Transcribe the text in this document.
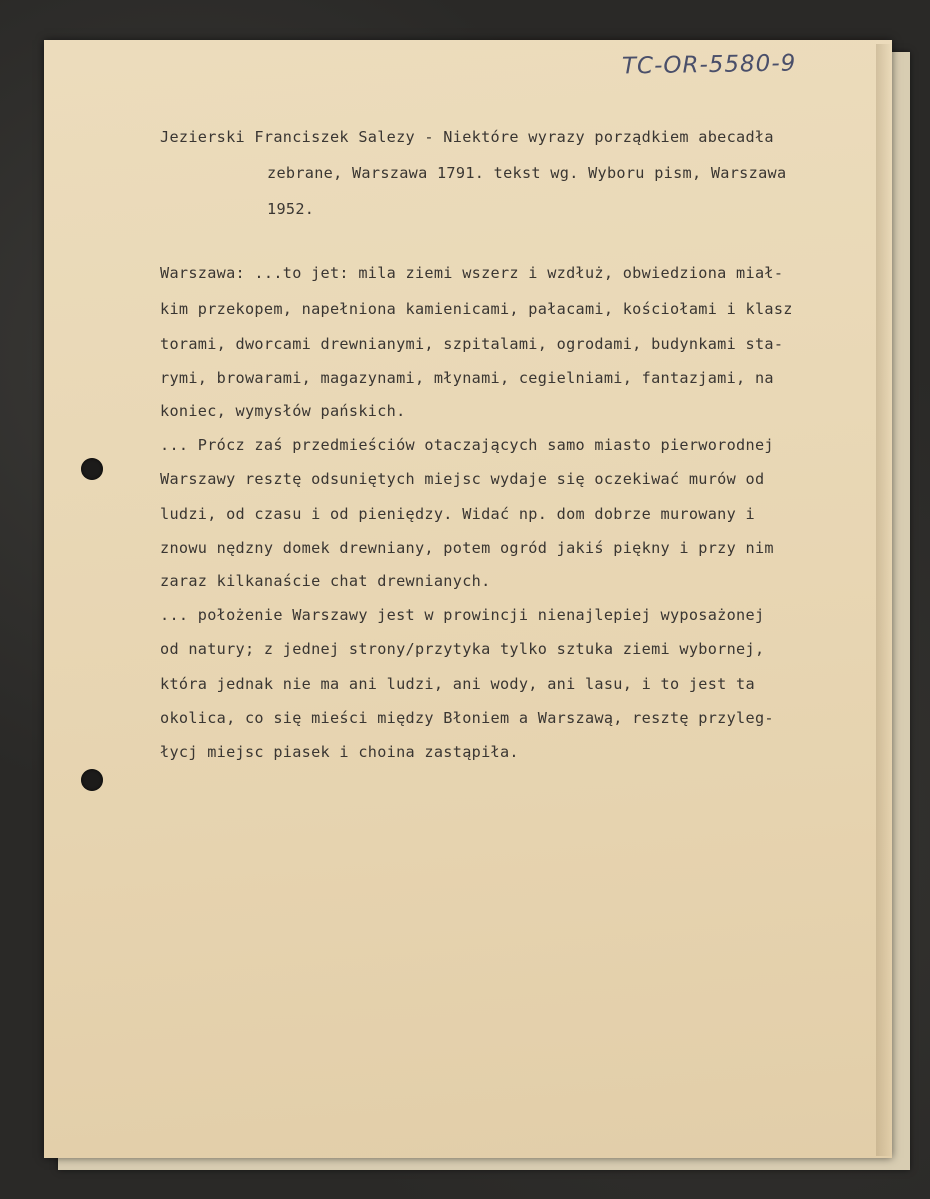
TC-OR-5580-9
Jezierski Franciszek Salezy - Niektóre wyrazy porządkiem abecadła
zebrane, Warszawa 1791. tekst wg. Wyboru pism, Warszawa
1952.
Warszawa: ...to jet: mila ziemi wszerz i wzdłuż, obwiedziona miał-
kim przekopem, napełniona kamienicami, pałacami, kościołami i klasz
torami, dworcami drewnianymi, szpitalami, ogrodami, budynkami sta-
rymi, browarami, magazynami, młynami, cegielniami, fantazjami, na
koniec, wymysłów pańskich.
... Prócz zaś przedmieściów otaczających samo miasto pierworodnej
Warszawy resztę odsuniętych miejsc wydaje się oczekiwać murów od
ludzi, od czasu i od pieniędzy. Widać np. dom dobrze murowany i
znowu nędzny domek drewniany, potem ogród jakiś piękny i przy nim
zaraz kilkanaście chat drewnianych.
... położenie Warszawy jest w prowincji nienajlepiej wyposażonej
od natury; z jednej strony/przytyka tylko sztuka ziemi wybornej,
która jednak nie ma ani ludzi, ani wody, ani lasu, i to jest ta
okolica, co się mieści między Błoniem a Warszawą, resztę przyleg-
łycj miejsc piasek i choina zastąpiła.
